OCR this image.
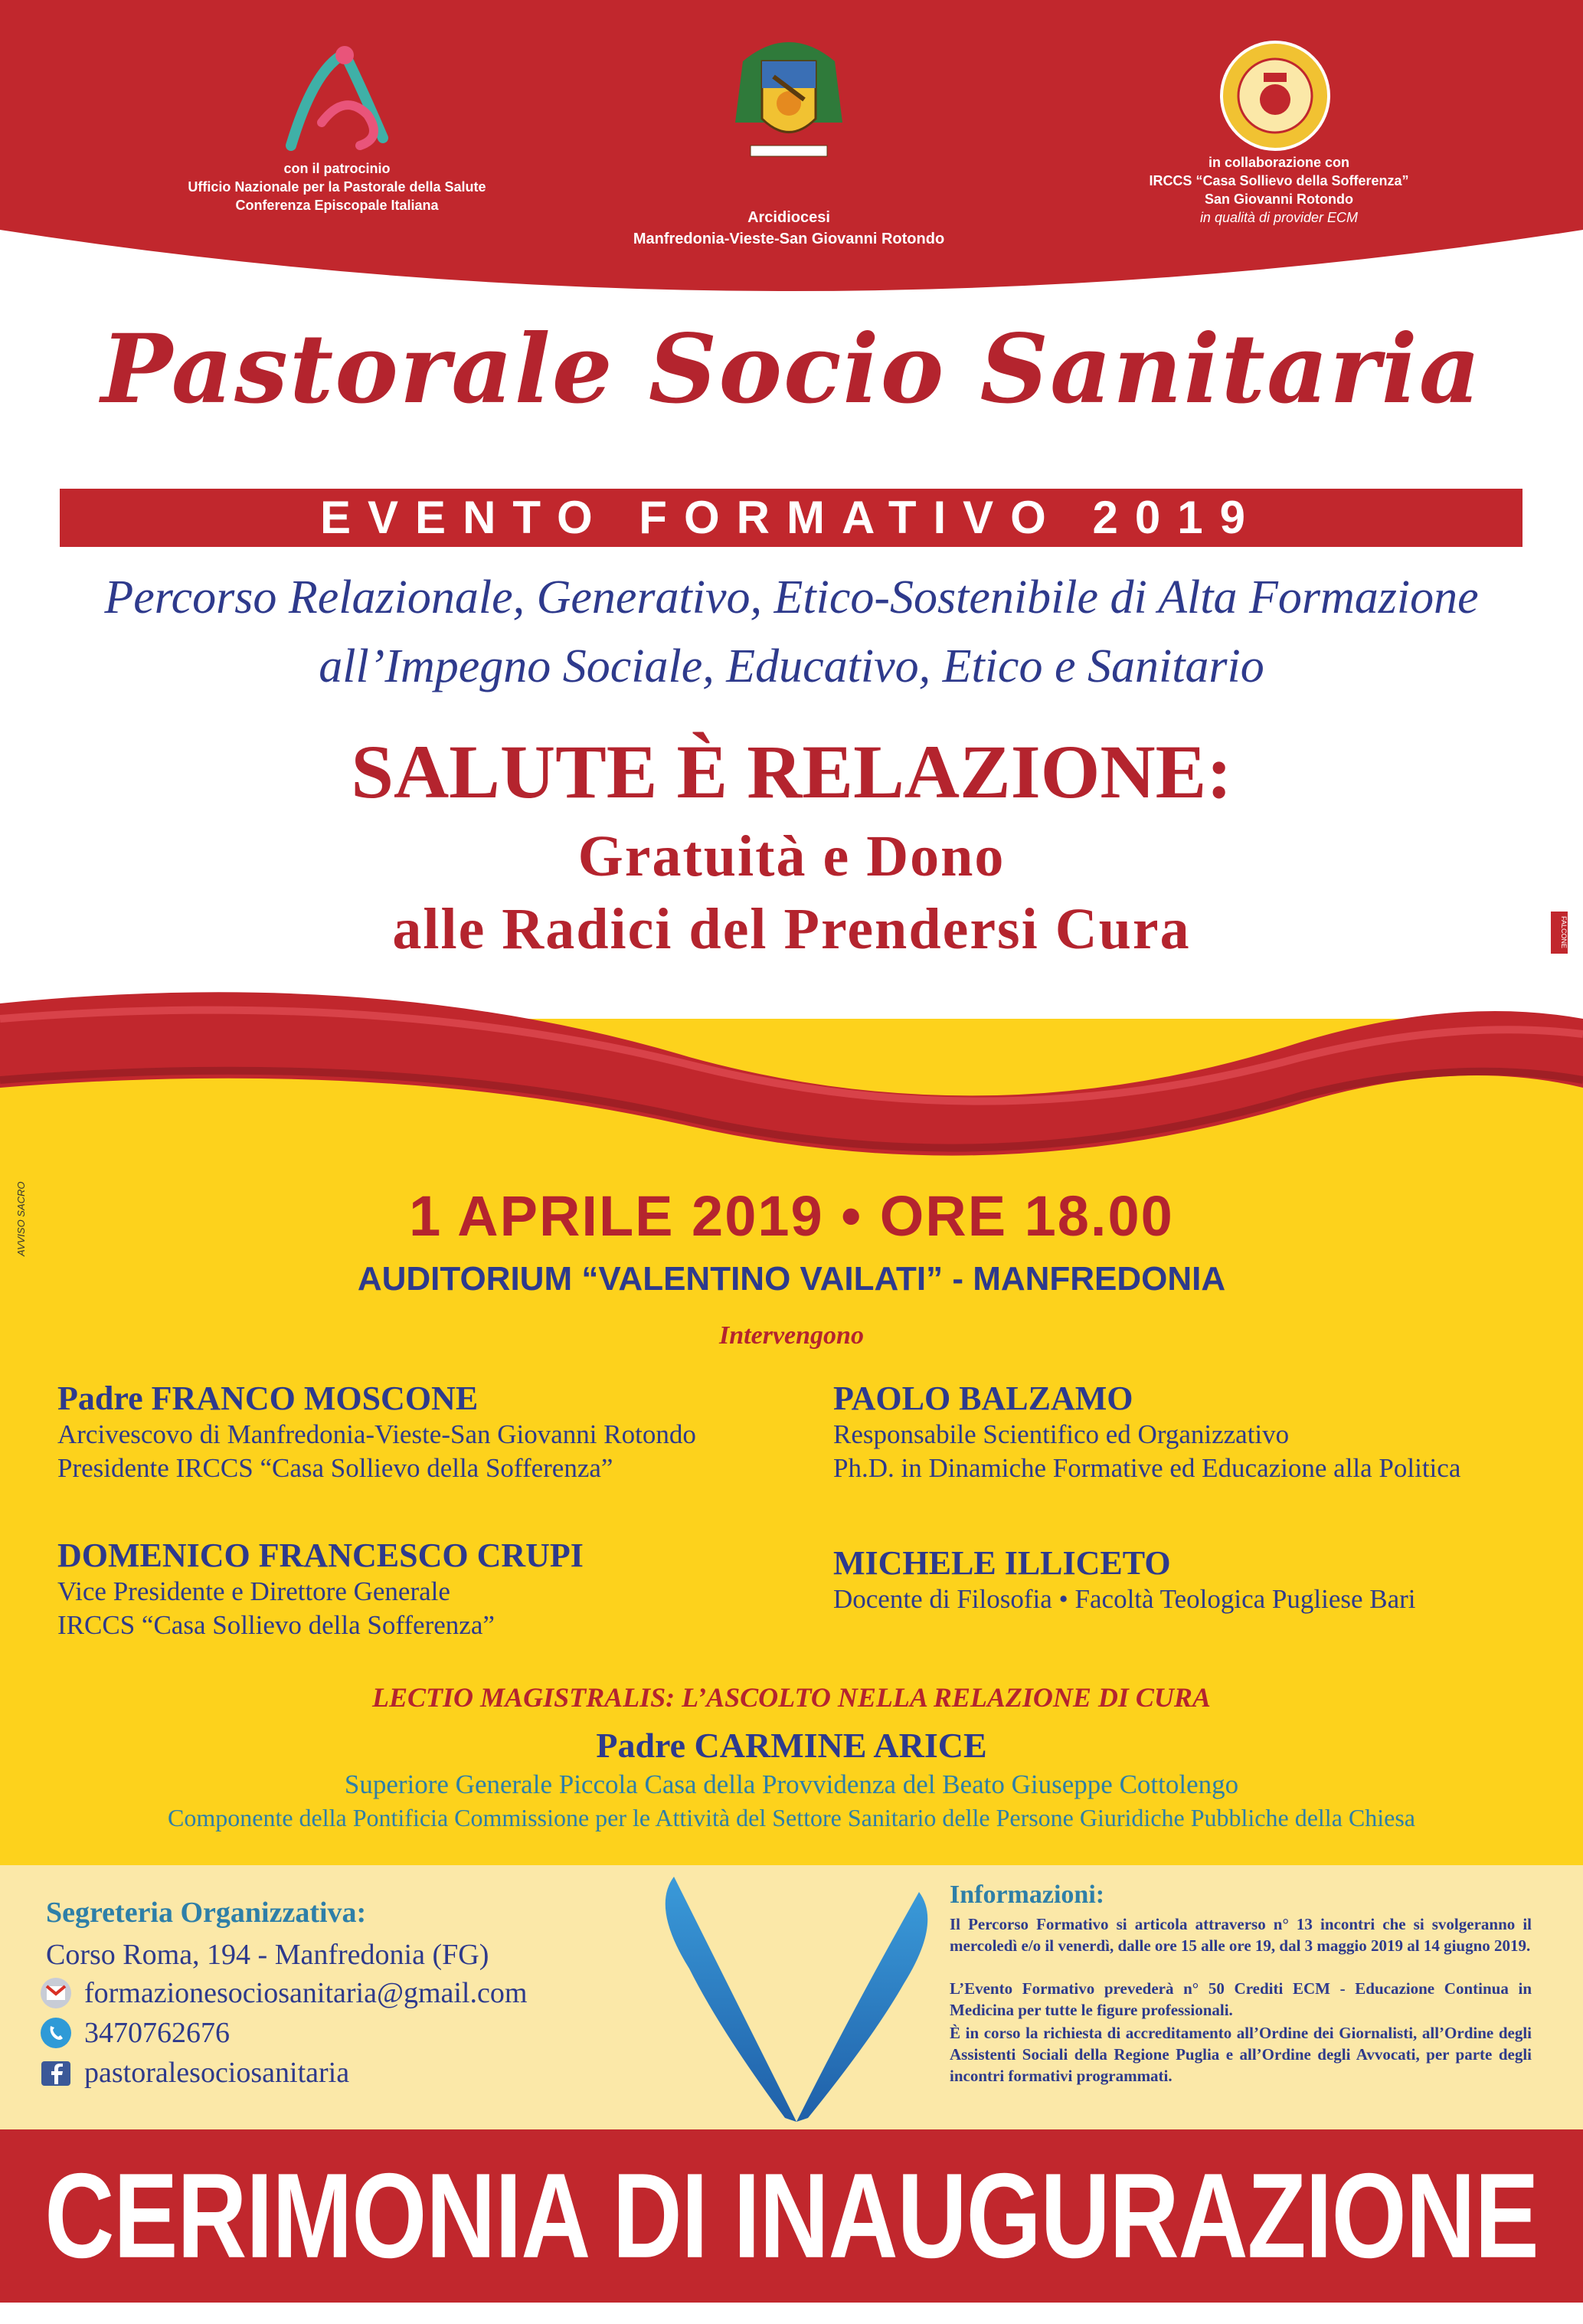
con il patrocinio
Ufficio Nazionale per la Pastorale della Salute
Conferenza Episcopale Italiana
Arcidiocesi
Manfredonia-Vieste-San Giovanni Rotondo
in collaborazione con
IRCCS “Casa Sollievo della Sofferenza”
San Giovanni Rotondo
in qualità di provider ECM
Pastorale Socio Sanitaria
EVENTO FORMATIVO 2019
Percorso Relazionale, Generativo, Etico-Sostenibile di Alta Formazione
all’Impegno Sociale, Educativo, Etico e Sanitario
SALUTE È RELAZIONE:
Gratuità e Dono
alle Radici del Prendersi Cura
1 APRILE 2019 • ORE 18.00
AUDITORIUM “VALENTINO VAILATI” - MANFREDONIA
Intervengono
Padre FRANCO MOSCONE
Arcivescovo di Manfredonia-Vieste-San Giovanni Rotondo
Presidente IRCCS “Casa Sollievo della Sofferenza”
PAOLO BALZAMO
Responsabile Scientifico ed Organizzativo
Ph.D. in Dinamiche Formative ed Educazione alla Politica
DOMENICO FRANCESCO CRUPI
Vice Presidente e Direttore Generale
IRCCS “Casa Sollievo della Sofferenza”
MICHELE ILLICETO
Docente di Filosofia • Facoltà Teologica Pugliese Bari
LECTIO MAGISTRALIS: L’ASCOLTO NELLA RELAZIONE DI CURA
Padre CARMINE ARICE
Superiore Generale Piccola Casa della Provvidenza del Beato Giuseppe Cottolengo
Componente della Pontificia Commissione per le Attività del Settore Sanitario delle Persone Giuridiche Pubbliche della Chiesa
Segreteria Organizzativa:
Corso Roma, 194 - Manfredonia (FG)
formazionesociosanitaria@gmail.com
3470762676
pastoralesociosanitaria
Informazioni:
Il Percorso Formativo si articola attraverso n° 13 incontri che si svolgeranno il mercoledì e/o il venerdì, dalle ore 15 alle ore 19, dal 3 maggio 2019 al 14 giugno 2019.
L’Evento Formativo prevederà n° 50 Crediti ECM - Educazione Continua in Medicina per tutte le figure professionali.
È in corso la richiesta di accreditamento all’Ordine dei Giornalisti, all’Ordine degli Assistenti Sociali della Regione Puglia e all’Ordine degli Avvocati, per parte degli incontri formativi programmati.
CERIMONIA DI INAUGURAZIONE
AVVISO SACRO
FALCONE
